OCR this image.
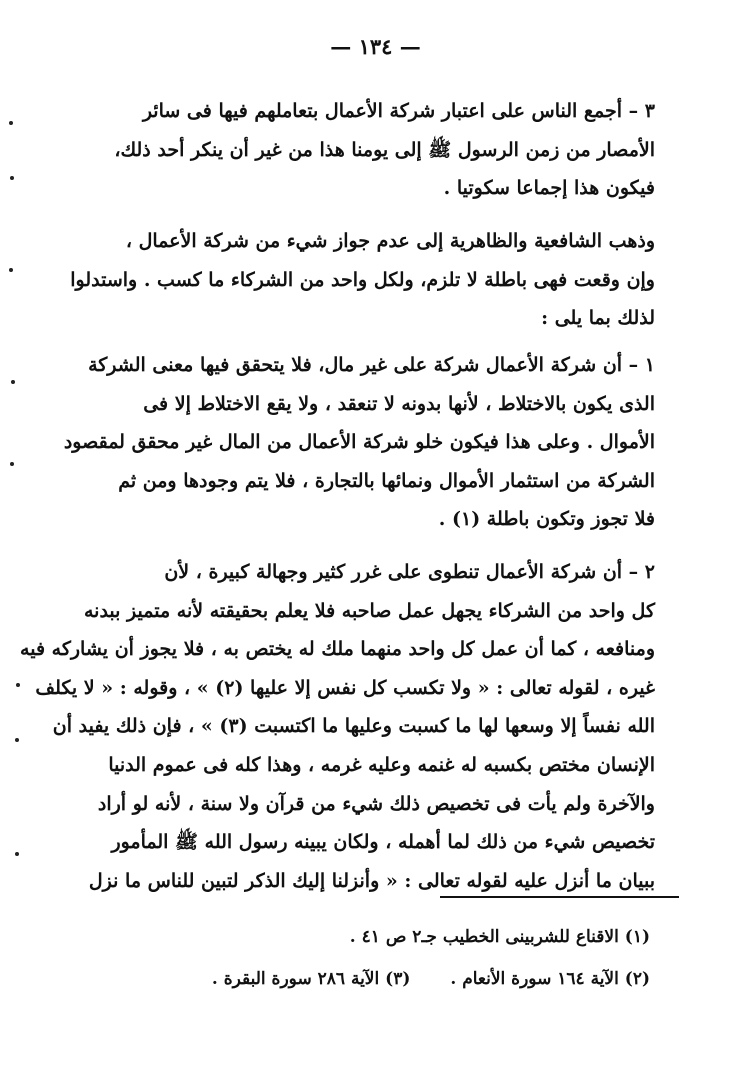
— ١٣٤ —
٣ – أجمع الناس على اعتبار شركة الأعمال بتعاملهم فيها فى سائر
الأمصار من زمن الرسول ﷺ إلى يومنا هذا من غير أن ينكر أحد ذلك،
فيكون هذا إجماعا سكوتيا .
وذهب الشافعية والظاهرية إلى عدم جواز شيء من شركة الأعمال ،
وإن وقعت فهى باطلة لا تلزم، ولكل واحد من الشركاء ما كسب . واستدلوا
لذلك بما يلى :
١ – أن شركة الأعمال شركة على غير مال، فلا يتحقق فيها معنى الشركة
الذى يكون بالاختلاط ، لأنها بدونه لا تنعقد ، ولا يقع الاختلاط إلا فى
الأموال . وعلى هذا فيكون خلو شركة الأعمال من المال غير محقق لمقصود
الشركة من استثمار الأموال ونمائها بالتجارة ، فلا يتم وجودها ومن ثم
فلا تجوز وتكون باطلة (١) .
٢ – أن شركة الأعمال تنطوى على غرر كثير وجهالة كبيرة ، لأن
كل واحد من الشركاء يجهل عمل صاحبه فلا يعلم بحقيقته لأنه متميز ببدنه
ومنافعه ، كما أن عمل كل واحد منهما ملك له يختص به ، فلا يجوز أن يشاركه فيه
غيره ، لقوله تعالى : « ولا تكسب كل نفس إلا عليها (٢) » ، وقوله : « لا يكلف
الله نفساً إلا وسعها لها ما كسبت وعليها ما اكتسبت (٣) » ، فإن ذلك يفيد أن
الإنسان مختص بكسبه له غنمه وعليه غرمه ، وهذا كله فى عموم الدنيا
والآخرة ولم يأت فى تخصيص ذلك شيء من قرآن ولا سنة ، لأنه لو أراد
تخصيص شيء من ذلك لما أهمله ، ولكان يبينه رسول الله ﷺ المأمور
ببيان ما أنزل عليه لقوله تعالى : « وأنزلنا إليك الذكر لتبين للناس ما نزل
(١) الاقناع للشربينى الخطيب جـ٢ ص ٤١ .
(٢) الآية ١٦٤ سورة الأنعام .(٣) الآية ٢٨٦ سورة البقرة .
